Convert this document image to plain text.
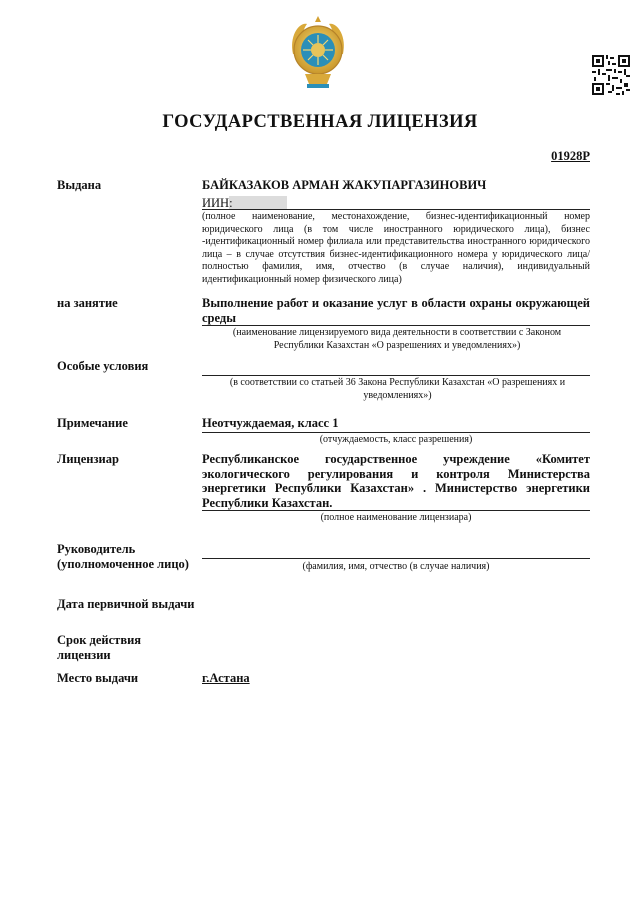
ГОСУДАРСТВЕННАЯ ЛИЦЕНЗИЯ
01928P
Выдана	БАЙКАЗАКОВ АРМАН ЖАКУПАРГАЗИНОВИЧ
ИИН:
(полное наименование, местонахождение, бизнес-идентификационный номер юридического лица (в том числе иностранного юридического лица), бизнес -идентификационный номер филиала или представительства иностранного юридического лица – в случае отсутствия бизнес-идентификационного номера у юридического лица/полностью фамилия, имя, отчество (в случае наличия), индивидуальный идентификационный номер физического лица)
на занятие	Выполнение работ и оказание услуг в области охраны окружающей среды
(наименование лицензируемого вида деятельности в соответствии с Законом Республики Казахстан «О разрешениях и уведомлениях»)
Особые условия
(в соответствии со статьей 36 Закона Республики Казахстан «О разрешениях и уведомлениях»)
Примечание	Неотчуждаемая, класс 1
(отчуждаемость, класс разрешения)
Лицензиар	Республиканское государственное учреждение «Комитет экологического регулирования и контроля Министерства энергетики Республики Казахстан» . Министерство энергетики Республики Казахстан.
(полное наименование лицензиара)
Руководитель
(уполномоченное лицо)	(фамилия, имя, отчество (в случае наличия)
Дата первичной выдачи
Срок действия
лицензии
Место выдачи	г.Астана
